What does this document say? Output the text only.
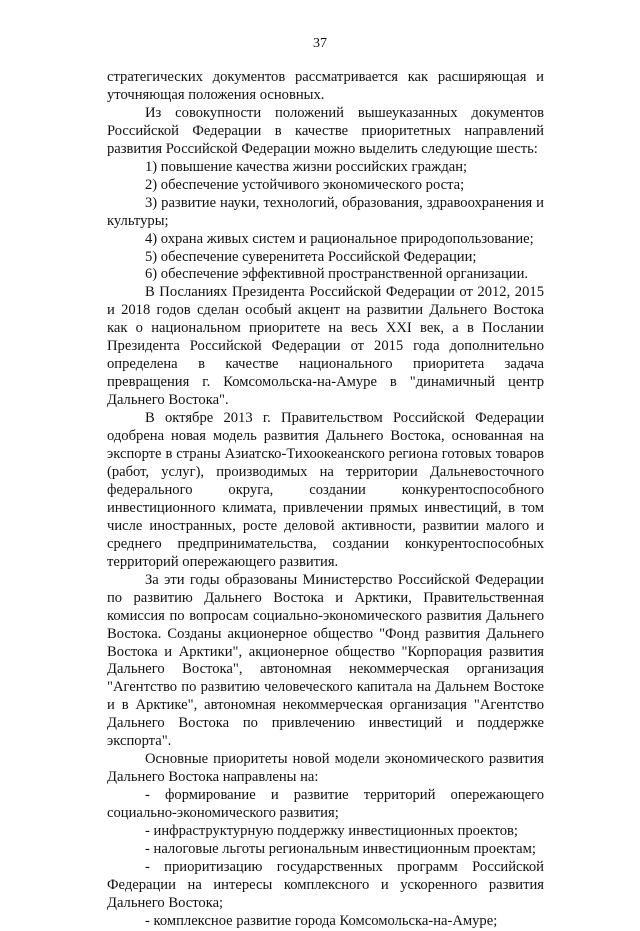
37

стратегических документов рассматривается как расширяющая и уточняющая положения основных.

Из совокупности положений вышеуказанных документов Российской Федерации в качестве приоритетных направлений развития Российской Федерации можно выделить следующие шесть:

1) повышение качества жизни российских граждан;

2) обеспечение устойчивого экономического роста;

3) развитие науки, технологий, образования, здравоохранения и культуры;

4) охрана живых систем и рациональное природопользование;

5) обеспечение суверенитета Российской Федерации;

6) обеспечение эффективной пространственной организации.

В Посланиях Президента Российской Федерации от 2012, 2015 и 2018 годов сделан особый акцент на развитии Дальнего Востока как о национальном приоритете на весь XXI век, а в Послании Президента Российской Федерации от 2015 года дополнительно определена в качестве национального приоритета задача превращения г. Комсомольска-на-Амуре в "динамичный центр Дальнего Востока".

В октябре 2013 г. Правительством Российской Федерации одобрена новая модель развития Дальнего Востока, основанная на экспорте в страны Азиатско-Тихоокеанского региона готовых товаров (работ, услуг), производимых на территории Дальневосточного федерального округа, создании конкурентоспособного инвестиционного климата, привлечении прямых инвестиций, в том числе иностранных, росте деловой активности, развитии малого и среднего предпринимательства, создании конкурентоспособных территорий опережающего развития.

За эти годы образованы Министерство Российской Федерации по развитию Дальнего Востока и Арктики, Правительственная комиссия по вопросам социально-экономического развития Дальнего Востока. Созданы акционерное общество "Фонд развития Дальнего Востока и Арктики", акционерное общество "Корпорация развития Дальнего Востока", автономная некоммерческая организация "Агентство по развитию человеческого капитала на Дальнем Востоке и в Арктике", автономная некоммерческая организация "Агентство Дальнего Востока по привлечению инвестиций и поддержке экспорта".

Основные приоритеты новой модели экономического развития Дальнего Востока направлены на:

- формирование и развитие территорий опережающего социально-экономического развития;

- инфраструктурную поддержку инвестиционных проектов;

- налоговые льготы региональным инвестиционным проектам;

- приоритизацию государственных программ Российской Федерации на интересы комплексного и ускоренного развития Дальнего Востока;

- комплексное развитие города Комсомольска-на-Амуре;
